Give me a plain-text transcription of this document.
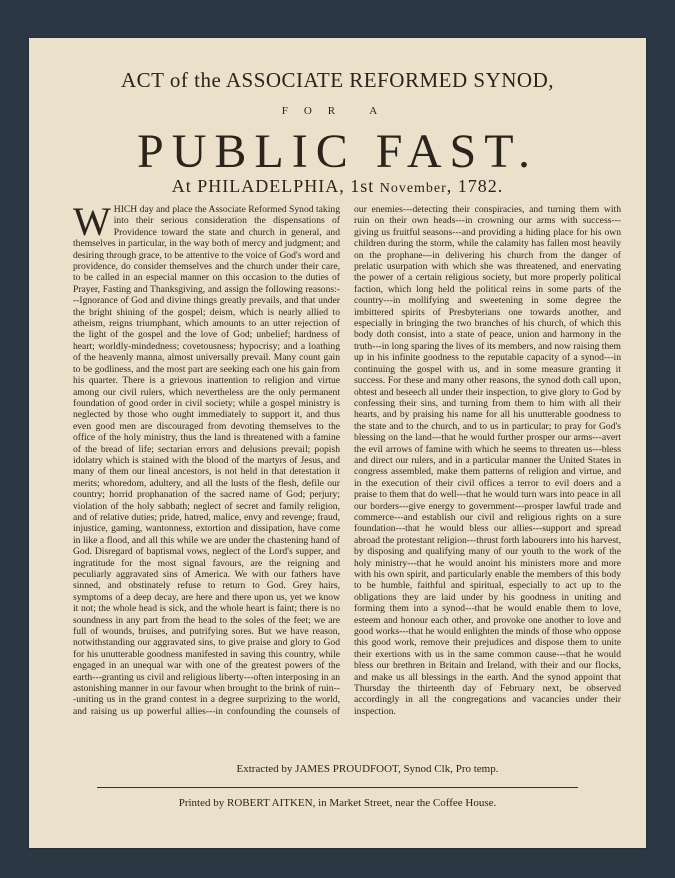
ACT of the ASSOCIATE REFORMED SYNOD,
FOR A
PUBLIC FAST.
At PHILADELPHIA, 1st November, 1782.
WHICH day and place the Associate Reformed Synod taking into their serious consideration the dispensations of Providence toward the state and church in general, and themselves in particular, in the way both of mercy and judgment; and desiring through grace, to be attentive to the voice of God's word and providence, do consider themselves and the church under their care, to be called in an especial manner on this occasion to the duties of Prayer, Fasting and Thanksgiving, and assign the following reasons:---Ignorance of God and divine things greatly prevails, and that under the bright shining of the gospel; deism, which is nearly allied to atheism, reigns triumphant, which amounts to an utter rejection of the light of the gospel and the love of God; unbelief; hardness of heart; worldly-mindedness; covetousness; hypocrisy; and a loathing of the heavenly manna, almost universally prevail. Many count gain to be godliness, and the most part are seeking each one his gain from his quarter. There is a grievous inattention to religion and virtue among our civil rulers, which nevertheless are the only permanent foundation of good order in civil society; while a gospel ministry is neglected by those who ought immediately to support it, and thus even good men are discouraged from devoting themselves to the office of the holy ministry, thus the land is threatened with a famine of the bread of life; sectarian errors and delusions prevail; popish idolatry which is stained with the blood of the martyrs of Jesus, and many of them our lineal ancestors, is not held in that detestation it merits; whoredom, adultery, and all the lusts of the flesh, defile our country; horrid prophanation of the sacred name of God; perjury; violation of the holy sabbath; neglect of secret and family religion, and of relative duties; pride, hatred, malice, envy and revenge; fraud, injustice, gaming, wantonness, extortion and dissipation, have come in like a flood, and all this while we are under the chastening hand of God. Disregard of baptismal vows, neglect of the Lord's supper, and ingratitude for the most signal favours, are the reigning and peculiarly aggravated sins of America. We with our fathers have sinned, and obstinately refuse to return to God. Grey hairs, symptoms of a deep decay, are here and there upon us, yet we know it not; the whole head is sick, and the whole heart is faint; there is no soundness in any part from the head to the soles of the feet; we are full of wounds, bruises, and putrifying sores. But we have reason, notwithstanding our aggravated sins, to give praise and glory to God for his unutterable goodness manifested in saving this country, while engaged in an unequal war with one of the greatest powers of the earth---granting us civil and religious liberty---often interposing in an astonishing manner in our favour when brought to the brink of ruin---uniting us in the grand contest in a degree surprizing to the world, and raising us up powerful allies---in confounding the counsels of our enemies---detecting their conspiracies, and turning them with ruin on their own heads---in crowning our arms with success---giving us fruitful seasons---and providing a hiding place for his own children during the storm, while the calamity has fallen most heavily on the prophane---in delivering his church from the danger of prelatic usurpation with which she was threatened, and enervating the power of a certain religious society, but more properly political faction, which long held the political reins in some parts of the country---in mollifying and sweetening in some degree the imbittered spirits of Presbyterians one towards another, and especially in bringing the two branches of his church, of which this body doth consist, into a state of peace, union and harmony in the truth---in long sparing the lives of its members, and now raising them up in his infinite goodness to the reputable capacity of a synod---in continuing the gospel with us, and in some measure granting it success. For these and many other reasons, the synod doth call upon, obtest and beseech all under their inspection, to give glory to God by confessing their sins, and turning from them to him with all their hearts, and by praising his name for all his unutterable goodness to the state and to the church, and to us in particular; to pray for God's blessing on the land---that he would further prosper our arms---avert the evil arrows of famine with which he seems to threaten us---bless and direct our rulers, and in a particular manner the United States in congress assembled, make them patterns of religion and virtue, and in the execution of their civil offices a terror to evil doers and a praise to them that do well---that he would turn wars into peace in all our borders---give energy to government---prosper lawful trade and commerce---and establish our civil and religious rights on a sure foundation---that he would bless our allies---support and spread abroad the protestant religion---thrust forth labourers into his harvest, by disposing and qualifying many of our youth to the work of the holy ministry---that he would anoint his ministers more and more with his own spirit, and particularly enable the members of this body to be humble, faithful and spiritual, especially to act up to the obligations they are laid under by his goodness in uniting and forming them into a synod---that he would enable them to love, esteem and honour each other, and provoke one another to love and good works---that he would enlighten the minds of those who oppose this good work, remove their prejudices and dispose them to unite their exertions with us in the same common cause---that he would bless our brethren in Britain and Ireland, with their and our flocks, and make us all blessings in the earth. And the synod appoint that Thursday the thirteenth day of February next, be observed accordingly in all the congregations and vacancies under their inspection.
Extracted by JAMES PROUDFOOT, Synod Clk, Pro temp.
Printed by ROBERT AITKEN, in Market Street, near the Coffee House.
